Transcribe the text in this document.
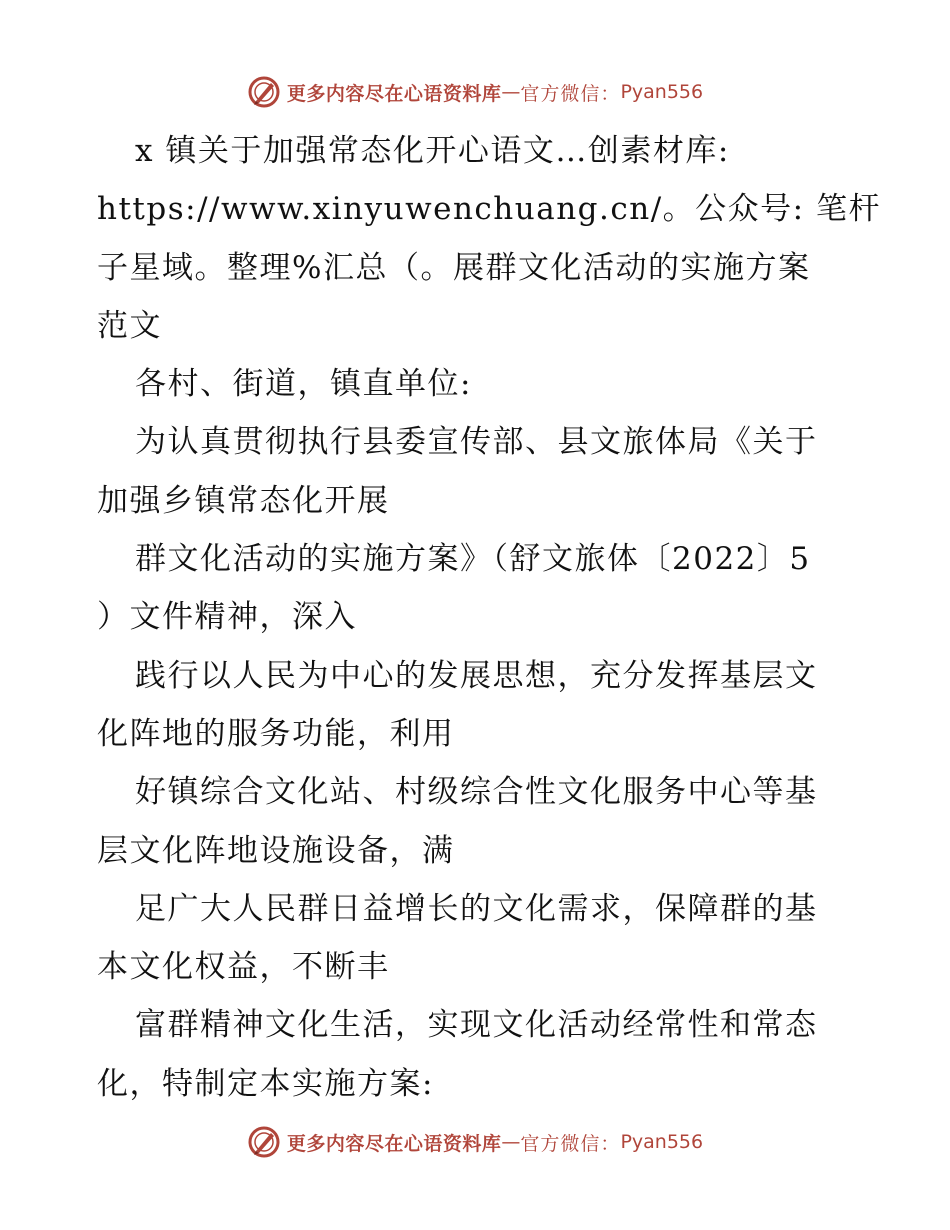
更多内容尽在心语资料库 — 官方微信： Pyan556
x 镇关于加强常态化开心语文…创素材库:
https://www.xinyuwenchuang.cn/。公众号: 笔杆
子星域。整理%汇总（。展群文化活动的实施方案
范文
各村、街道，镇直单位:
为认真贯彻执行县委宣传部、县文旅体局《关于
加强乡镇常态化开展
群文化活动的实施方案》（舒文旅体〔2022〕5
）文件精神，深入
践行以人民为中心的发展思想，充分发挥基层文
化阵地的服务功能，利用
好镇综合文化站、村级综合性文化服务中心等基
层文化阵地设施设备，满
足广大人民群日益增长的文化需求，保障群的基
本文化权益，不断丰
富群精神文化生活，实现文化活动经常性和常态
化，特制定本实施方案:
更多内容尽在心语资料库 — 官方微信： Pyan556
